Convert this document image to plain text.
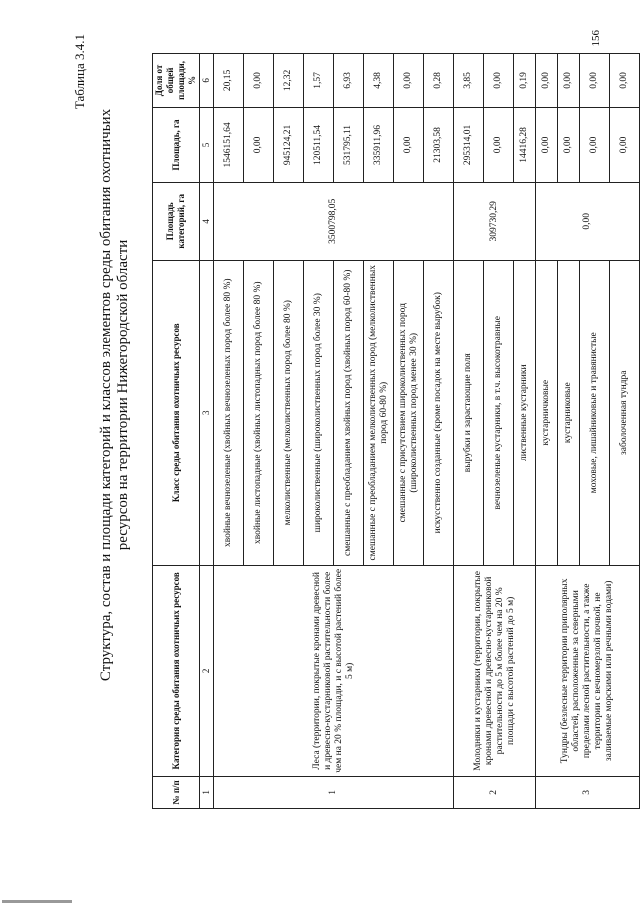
Таблица 3.4.1
Структура, состав и площади категорий и классов элементов среды обитания охотничьих ресурсов на территории Нижегородской области
№ п/п	Категория среды обитания охотничьих ресурсов	Класс среды обитания охотничьих ресурсов	Площадь категорий, га	Площадь, га	Доля от общей площади, %
1	2	3	4	5	6
1	Леса (территории, покрытые кронами древесной и древесно-кустарниковой растительности более чем на 20 % площади, и с высотой растений более 5 м)	хвойные вечнозеленые (хвойных вечнозеленых пород более 80 %)	3500798,05	1546151,64	20,15
		хвойные листопадные (хвойных листопадных пород более 80 %)		0,00	0,00
		мелколиственные (мелколиственных пород более 80 %)		945124,21	12,32
		широколиственные (широколиственных пород более 30 %)		120511,54	1,57
		смешанные с преобладанием хвойных пород (хвойных пород 60-80 %)		531795,11	6,93
		смешанные с преобладанием мелколиственных пород (мелколиственных пород 60-80 %)		335911,96	4,38
		смешанные с присутствием широколиственных пород (широколиственных пород менее 30 %)		0,00	0,00
		искусственно созданные (кроме посадок на месте вырубок)		21303,58	0,28
2	Молодняки и кустарники (территории, покрытые кронами древесной и древесно-кустарниковой растительности до 5 м более чем на 20 % площади с высотой растений до 5 м)	вырубки и зарастающие поля	309730,29	295314,01	3,85
		вечнозеленые кустарники, в т.ч. высокотравные		0,00	0,00
		лиственные кустарники		14416,28	0,19
3	Тундры (безлесные территории приполярных областей, расположенные за северными пределами лесной растительности, а также территории с вечномерзлой почвой, не заливаемые морскими или речными водами)	кустарничковые	0,00	0,00	0,00
		кустарниковые		0,00	0,00
		моховые, лишайниковые и травянистые		0,00	0,00
		заболоченная тундра		0,00	0,00
156
